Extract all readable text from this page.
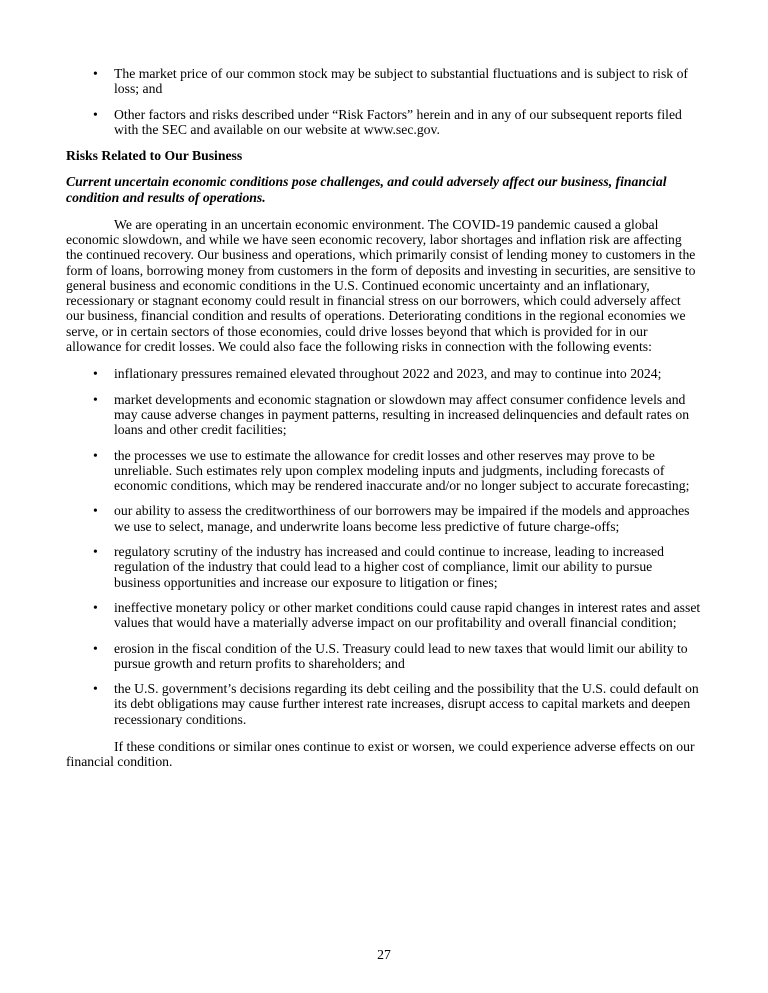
• The market price of our common stock may be subject to substantial fluctuations and is subject to risk of loss; and
• Other factors and risks described under “Risk Factors” herein and in any of our subsequent reports filed with the SEC and available on our website at www.sec.gov.
Risks Related to Our Business
Current uncertain economic conditions pose challenges, and could adversely affect our business, financial condition and results of operations.

We are operating in an uncertain economic environment. The COVID-19 pandemic caused a global economic slowdown, and while we have seen economic recovery, labor shortages and inflation risk are affecting the continued recovery. Our business and operations, which primarily consist of lending money to customers in the form of loans, borrowing money from customers in the form of deposits and investing in securities, are sensitive to general business and economic conditions in the U.S. Continued economic uncertainty and an inflationary, recessionary or stagnant economy could result in financial stress on our borrowers, which could adversely affect our business, financial condition and results of operations. Deteriorating conditions in the regional economies we serve, or in certain sectors of those economies, could drive losses beyond that which is provided for in our allowance for credit losses. We could also face the following risks in connection with the following events:

• inflationary pressures remained elevated throughout 2022 and 2023, and may to continue into 2024;
• market developments and economic stagnation or slowdown may affect consumer confidence levels and may cause adverse changes in payment patterns, resulting in increased delinquencies and default rates on loans and other credit facilities;
• the processes we use to estimate the allowance for credit losses and other reserves may prove to be unreliable. Such estimates rely upon complex modeling inputs and judgments, including forecasts of economic conditions, which may be rendered inaccurate and/or no longer subject to accurate forecasting;
• our ability to assess the creditworthiness of our borrowers may be impaired if the models and approaches we use to select, manage, and underwrite loans become less predictive of future charge-offs;
• regulatory scrutiny of the industry has increased and could continue to increase, leading to increased regulation of the industry that could lead to a higher cost of compliance, limit our ability to pursue business opportunities and increase our exposure to litigation or fines;
• ineffective monetary policy or other market conditions could cause rapid changes in interest rates and asset values that would have a materially adverse impact on our profitability and overall financial condition;
• erosion in the fiscal condition of the U.S. Treasury could lead to new taxes that would limit our ability to pursue growth and return profits to shareholders; and
• the U.S. government’s decisions regarding its debt ceiling and the possibility that the U.S. could default on its debt obligations may cause further interest rate increases, disrupt access to capital markets and deepen recessionary conditions.

If these conditions or similar ones continue to exist or worsen, we could experience adverse effects on our financial condition.

27
